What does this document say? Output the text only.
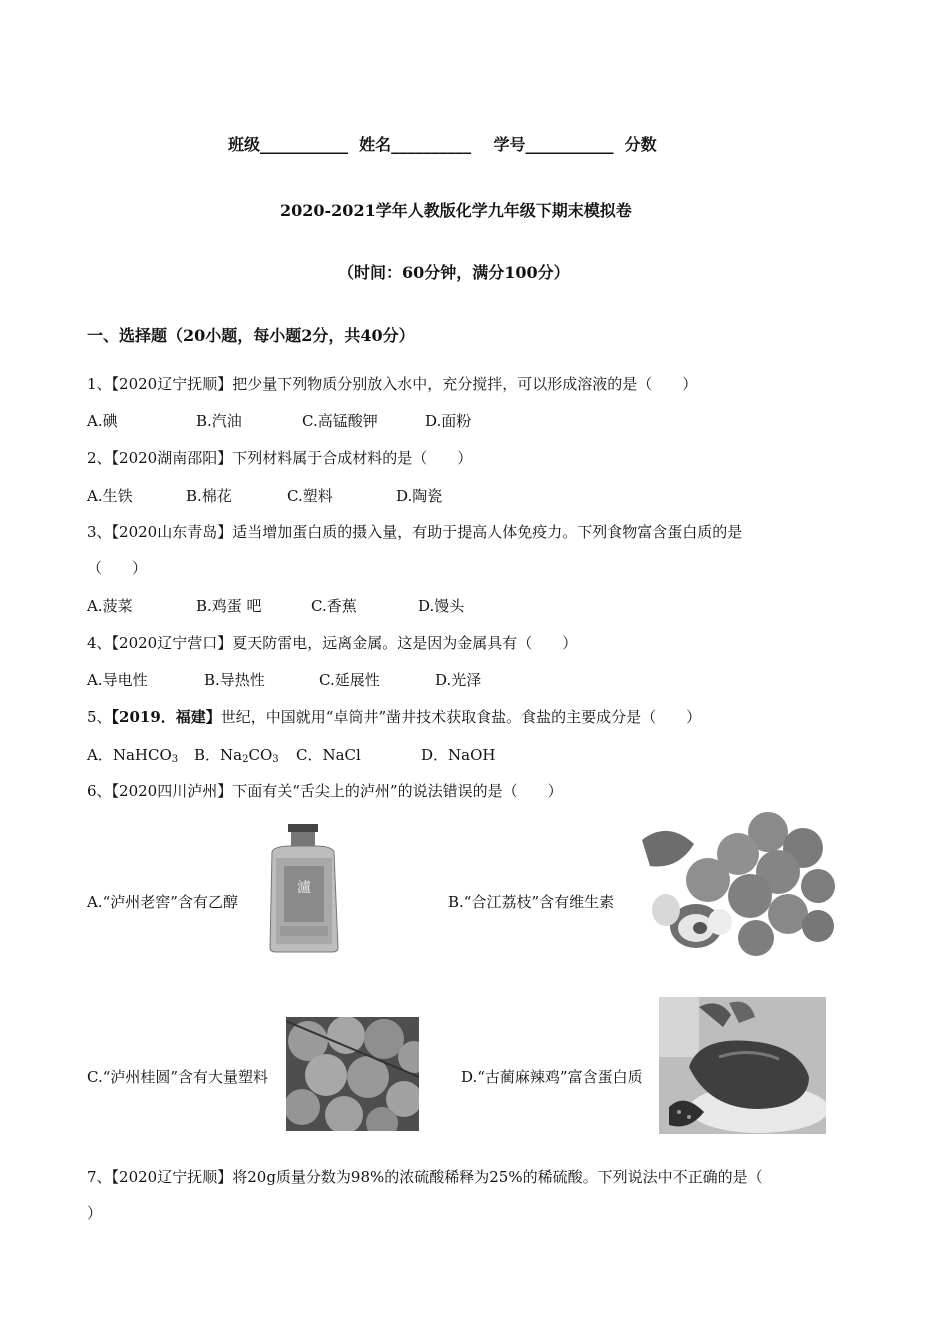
班级___________ 姓名__________ 学号___________ 分数
2020-2021学年人教版化学九年级下期末模拟卷
（时间：60分钟，满分100分）
一、选择题（20小题，每小题2分，共40分）
1、【2020辽宁抚顺】把少量下列物质分别放入水中，充分搅拌，可以形成溶液的是（　　）
A.碘	B.汽油	C.高锰酸钾	D.面粉
2、【2020湖南邵阳】下列材料属于合成材料的是（　　）
A.生铁	B.棉花	C.塑料	D.陶瓷
3、【2020山东青岛】适当增加蛋白质的摄入量，有助于提高人体免疫力。下列食物富含蛋白质的是
（　　）
A.菠菜	B.鸡蛋 吧	C.香蕉	D.馒头
4、【2020辽宁营口】夏天防雷电，远离金属。这是因为金属具有（　　）
A.导电性	B.导热性	C.延展性	D.光泽
5、【2019．福建】世纪，中国就用“卓筒井”凿井技术获取食盐。食盐的主要成分是（　　）
A．NaHCO$_3$ B．$Na_2CO_3$ C．NaCl	D．NaOH
6、【2020四川泸州】下面有关“舌尖上的泸州”的说法错误的是（　　）
A.“泸州老窖”含有乙醇
瀘
B.“合江荔枝”含有维生素
C.“泸州桂圆”含有大量塑料	D.“古蔺麻辣鸡”富含蛋白质
7、【2020辽宁抚顺】将20g质量分数为98%的浓硫酸稀释为25%的稀硫酸。下列说法中不正确的是（
）
